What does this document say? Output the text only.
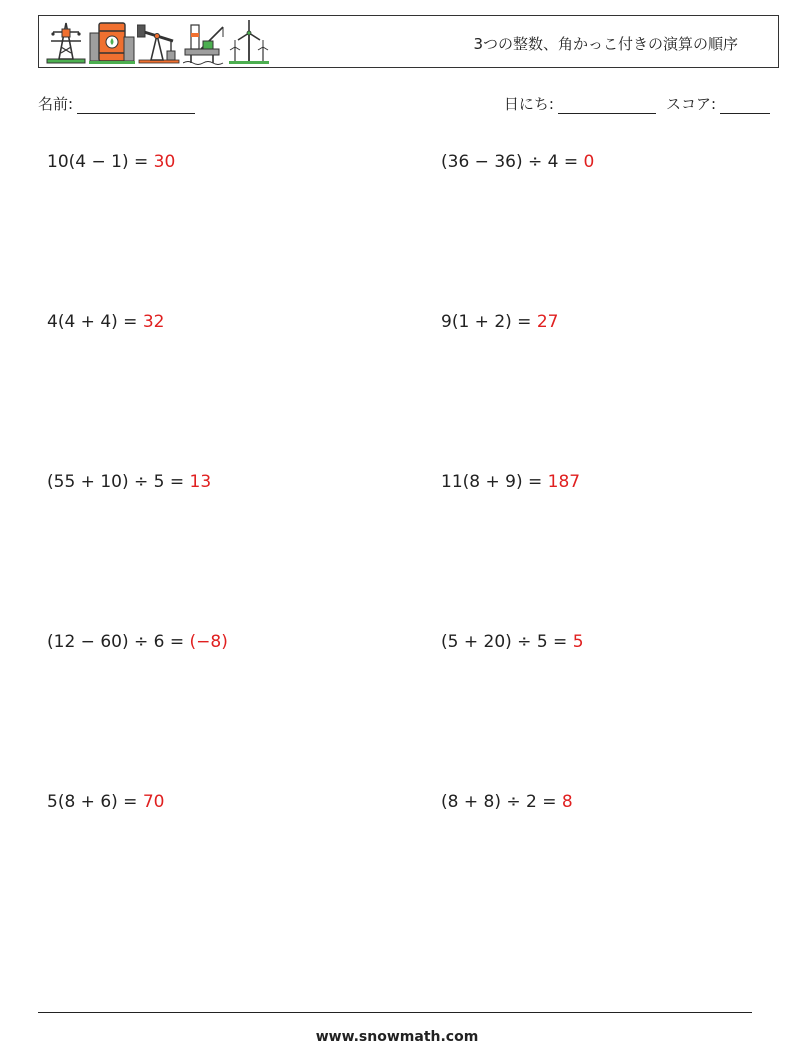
3つの整数、角かっこ付きの演算の順序
名前:	日にち:	スコア:
10(4 − 1) = 30	(36 − 36) ÷ 4 = 0
4(4 + 4) = 32	9(1 + 2) = 27
(55 + 10) ÷ 5 = 13	11(8 + 9) = 187
(12 − 60) ÷ 6 = (−8)	(5 + 20) ÷ 5 = 5
5(8 + 6) = 70	(8 + 8) ÷ 2 = 8
www.snowmath.com
